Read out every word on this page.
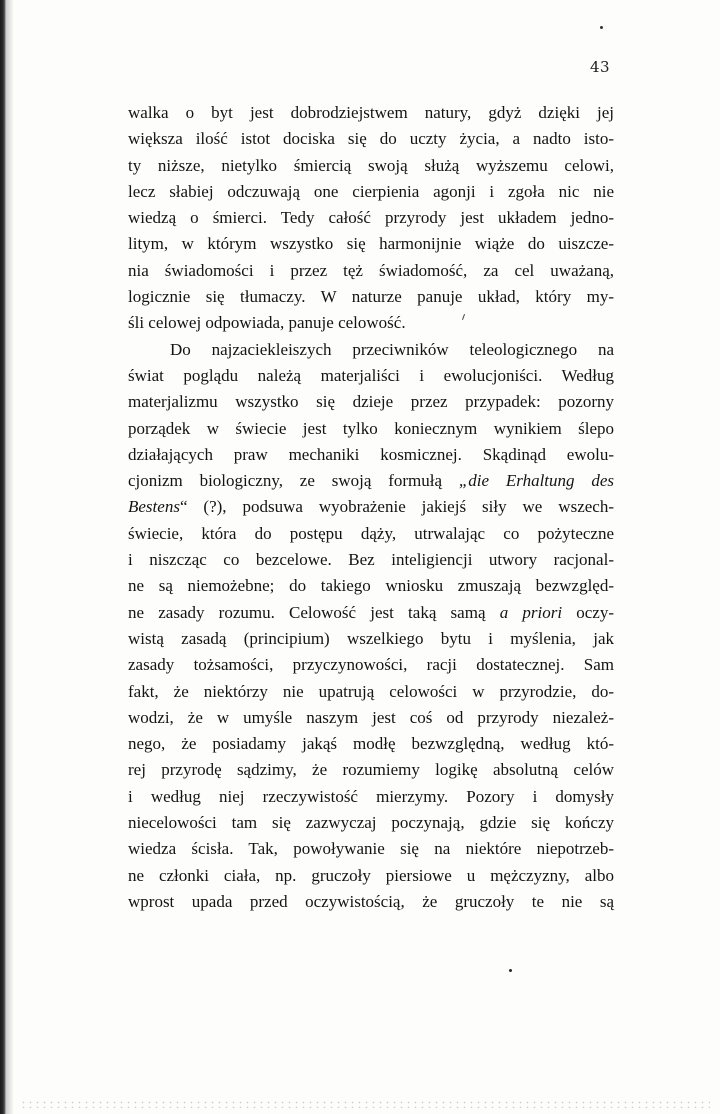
43
walka o byt jest dobrodziejstwem natury, gdyż dzięki jej
większa ilość istot dociska się do uczty życia, a nadto isto-
ty niższe, nietylko śmiercią swoją służą wyższemu celowi,
lecz słabiej odczuwają one cierpienia agonji i zgoła nic nie
wiedzą o śmierci. Tedy całość przyrody jest układem jedno-
litym, w którym wszystko się harmonijnie wiąże do uiszcze-
nia świadomości i przez tęż świadomość, za cel uważaną,
logicznie się tłumaczy. W naturze panuje układ, który my-
śli celowej odpowiada, panuje celowość.
Do najzaciekleiszych przeciwników teleologicznego na
świat poglądu należą materjaliści i ewolucjoniści. Według
materjalizmu wszystko się dzieje przez przypadek: pozorny
porządek w świecie jest tylko koniecznym wynikiem ślepo
działających praw mechaniki kosmicznej. Skądinąd ewolu-
cjonizm biologiczny, ze swoją formułą „die Erhaltung des
Bestens“ (?), podsuwa wyobrażenie jakiejś siły we wszech-
świecie, która do postępu dąży, utrwalając co pożyteczne
i niszcząc co bezcelowe. Bez inteligiencji utwory racjonal-
ne są niemożebne; do takiego wniosku zmuszają bezwzględ-
ne zasady rozumu. Celowość jest taką samą a priori oczy-
wistą zasadą (principium) wszelkiego bytu i myślenia, jak
zasady tożsamości, przyczynowości, racji dostatecznej. Sam
fakt, że niektórzy nie upatrują celowości w przyrodzie, do-
wodzi, że w umyśle naszym jest coś od przyrody niezależ-
nego, że posiadamy jakąś modłę bezwzględną, według któ-
rej przyrodę sądzimy, że rozumiemy logikę absolutną celów
i według niej rzeczywistość mierzymy. Pozory i domysły
niecelowości tam się zazwyczaj poczynają, gdzie się kończy
wiedza ścisła. Tak, powoływanie się na niektóre niepotrzeb-
ne członki ciała, np. gruczoły piersiowe u mężczyzny, albo
wprost upada przed oczywistością, że gruczoły te nie są
